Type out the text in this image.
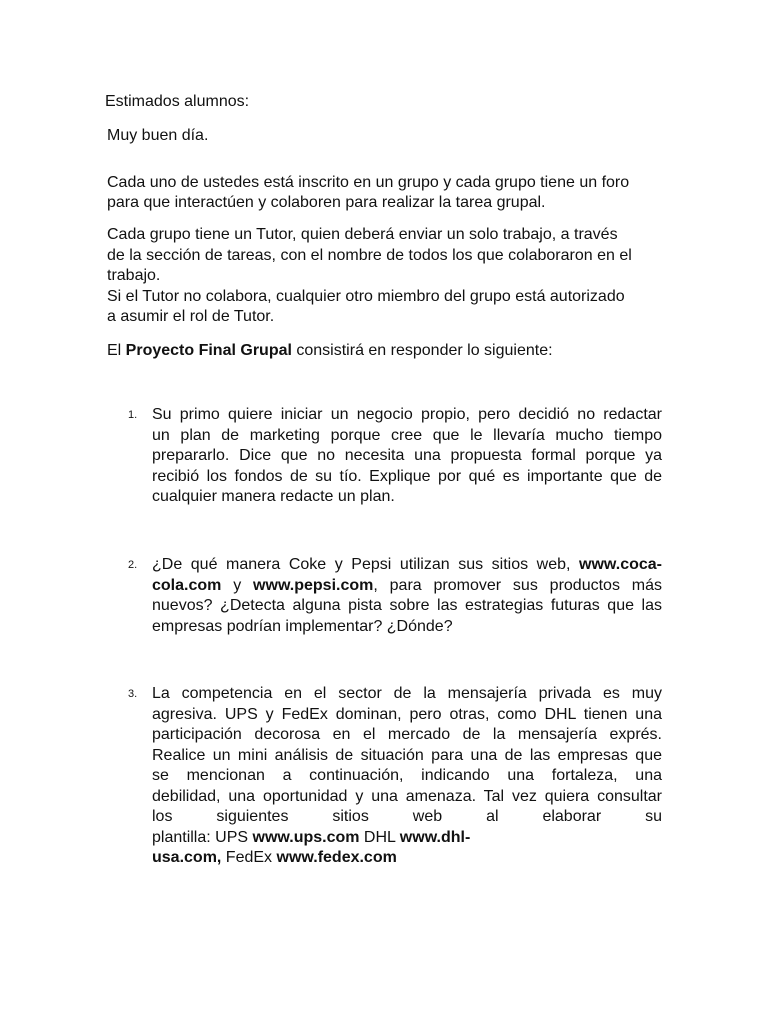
Estimados alumnos:
Muy buen día.
Cada uno de ustedes está inscrito en un grupo y cada grupo tiene un foro
para que interactúen y colaboren para realizar la tarea grupal.
Cada grupo tiene un Tutor, quien deberá enviar un solo trabajo, a través
de la sección de tareas, con el nombre de todos los que colaboraron en el
trabajo.
Si el Tutor no colabora, cualquier otro miembro del grupo está autorizado
a asumir el rol de Tutor.
El Proyecto Final Grupal consistirá en responder lo siguiente:
1. Su primo quiere iniciar un negocio propio, pero decidió no redactar
un plan de marketing porque cree que le llevaría mucho tiempo
prepararlo. Dice que no necesita una propuesta formal porque ya
recibió los fondos de su tío. Explique por qué es importante que de
cualquier manera redacte un plan.
2. ¿De qué manera Coke y Pepsi utilizan sus sitios web, www.coca-
cola.com y www.pepsi.com, para promover sus productos más
nuevos? ¿Detecta alguna pista sobre las estrategias futuras que las
empresas podrían implementar? ¿Dónde?
3. La competencia en el sector de la mensajería privada es muy
agresiva. UPS y FedEx dominan, pero otras, como DHL tienen una
participación decorosa en el mercado de la mensajería exprés.
Realice un mini análisis de situación para una de las empresas que
se mencionan a continuación, indicando una fortaleza, una
debilidad, una oportunidad y una amenaza. Tal vez quiera consultar
los	siguientes	sitios	web	al	elaborar	su
plantilla: UPS www.ups.com DHL www.dhl-
usa.com, FedEx www.fedex.com
